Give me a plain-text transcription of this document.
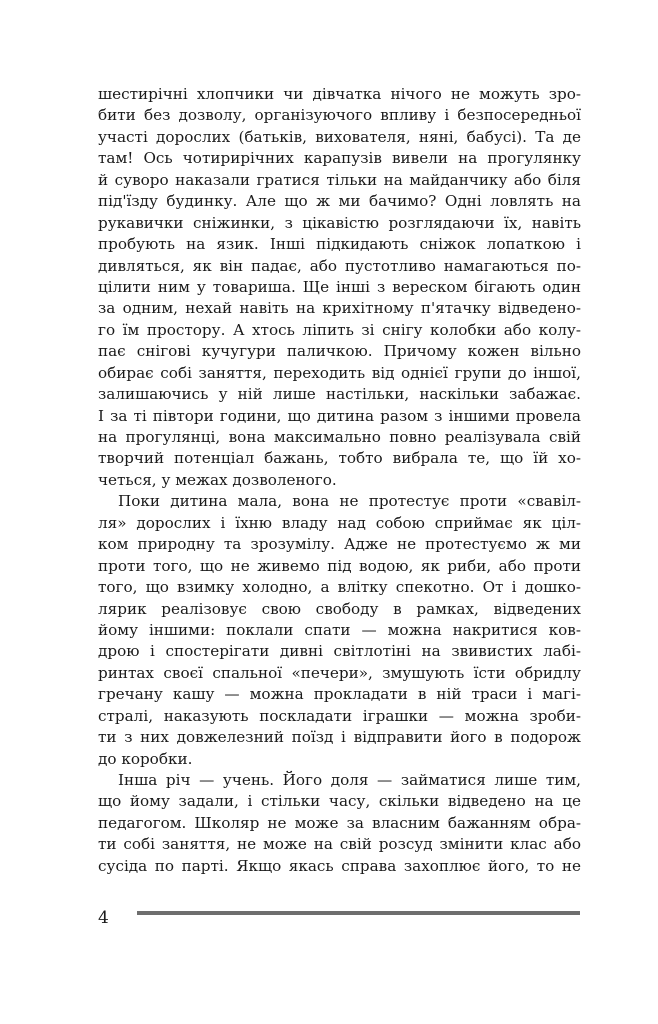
шестирічні хлопчики чи дівчатка нічого не можуть зро-
бити без дозволу, організуючого впливу і безпосередньої
участі дорослих (батьків, вихователя, няні, бабусі). Та де
там! Ось чотирирічних карапузів вивели на прогулянку
й суворо наказали гратися тільки на майданчику або біля
під'їзду будинку. Але що ж ми бачимо? Одні ловлять на
рукавички сніжинки, з цікавістю розглядаючи їх, навіть
пробують на язик. Інші підкидають сніжок лопаткою і
дивляться, як він падає, або пустотливо намагаються по-
цілити ним у товариша. Ще інші з вереском бігають один
за одним, нехай навіть на крихітному п'ятачку відведено-
го їм простору. А хтось ліпить зі снігу колобки або колу-
пає снігові кучугури паличкою. Причому кожен вільно
обирає собі заняття, переходить від однієї групи до іншої,
залишаючись у ній лише настільки, наскільки забажає.
І за ті півтори години, що дитина разом з іншими провела
на прогулянці, вона максимально повно реалізувала свій
творчий потенціал бажань, тобто вибрала те, що їй хо-
четься, у межах дозволеного.
Поки дитина мала, вона не протестує проти «свавіл-
ля» дорослих і їхню владу над собою сприймає як ціл-
ком природну та зрозумілу. Адже не протестуємо ж ми
проти того, що не живемо під водою, як риби, або проти
того, що взимку холодно, а влітку спекотно. От і дошко-
лярик реалізовує свою свободу в рамках, відведених
йому іншими: поклали спати — можна накритися ков-
дрою і спостерігати дивні світлотіні на звивистих лабі-
ринтах своєї спальної «печери», змушують їсти обридлу
гречану кашу — можна прокладати в ній траси і магі-
стралі, наказують поскладати іграшки — можна зроби-
ти з них довжелезний поїзд і відправити його в подорож
до коробки.
Інша річ — учень. Його доля — займатися лише тим,
що йому задали, і стільки часу, скільки відведено на це
педагогом. Школяр не може за власним бажанням обра-
ти собі заняття, не може на свій розсуд змінити клас або
сусіда по парті. Якщо якась справа захоплює його, то не
4
